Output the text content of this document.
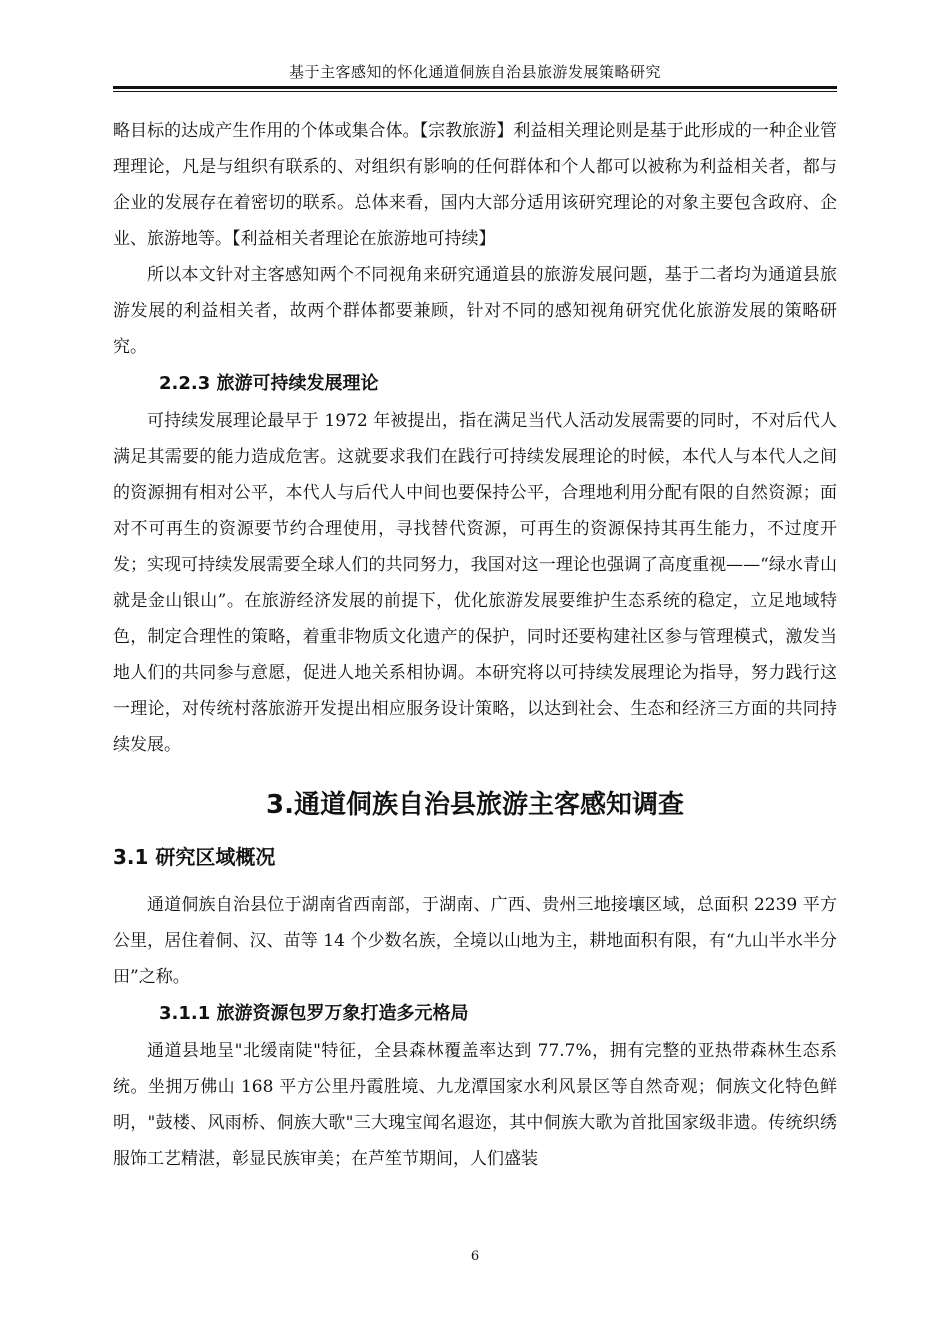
基于主客感知的怀化通道侗族自治县旅游发展策略研究

略目标的达成产生作用的个体或集合体。【宗教旅游】利益相关理论则是基于此形成的一种企业管理理论，凡是与组织有联系的、对组织有影响的任何群体和个人都可以被称为利益相关者，都与企业的发展存在着密切的联系。总体来看，国内大部分适用该研究理论的对象主要包含政府、企业、旅游地等。【利益相关者理论在旅游地可持续】

所以本文针对主客感知两个不同视角来研究通道县的旅游发展问题，基于二者均为通道县旅游发展的利益相关者，故两个群体都要兼顾，针对不同的感知视角研究优化旅游发展的策略研究。

2.2.3 旅游可持续发展理论

可持续发展理论最早于 1972 年被提出，指在满足当代人活动发展需要的同时，不对后代人满足其需要的能力造成危害。这就要求我们在践行可持续发展理论的时候，本代人与本代人之间的资源拥有相对公平，本代人与后代人中间也要保持公平，合理地利用分配有限的自然资源；面对不可再生的资源要节约合理使用，寻找替代资源，可再生的资源保持其再生能力，不过度开发；实现可持续发展需要全球人们的共同努力，我国对这一理论也强调了高度重视——“绿水青山就是金山银山”。在旅游经济发展的前提下，优化旅游发展要维护生态系统的稳定，立足地域特色，制定合理性的策略，着重非物质文化遗产的保护，同时还要构建社区参与管理模式，激发当地人们的共同参与意愿，促进人地关系相协调。本研究将以可持续发展理论为指导，努力践行这一理论，对传统村落旅游开发提出相应服务设计策略，以达到社会、生态和经济三方面的共同持续发展。

3.通道侗族自治县旅游主客感知调查
3.1 研究区域概况

通道侗族自治县位于湖南省西南部，于湖南、广西、贵州三地接壤区域，总面积 2239 平方公里，居住着侗、汉、苗等 14 个少数名族，全境以山地为主，耕地面积有限，有“九山半水半分田”之称。

3.1.1 旅游资源包罗万象打造多元格局

通道县地呈"北缓南陡"特征，全县森林覆盖率达到 77.7%，拥有完整的亚热带森林生态系统。坐拥万佛山 168 平方公里丹霞胜境、九龙潭国家水利风景区等自然奇观；侗族文化特色鲜明，"鼓楼、风雨桥、侗族大歌"三大瑰宝闻名遐迩，其中侗族大歌为首批国家级非遗。传统织绣服饰工艺精湛，彰显民族审美；在芦笙节期间，人们盛装

6
